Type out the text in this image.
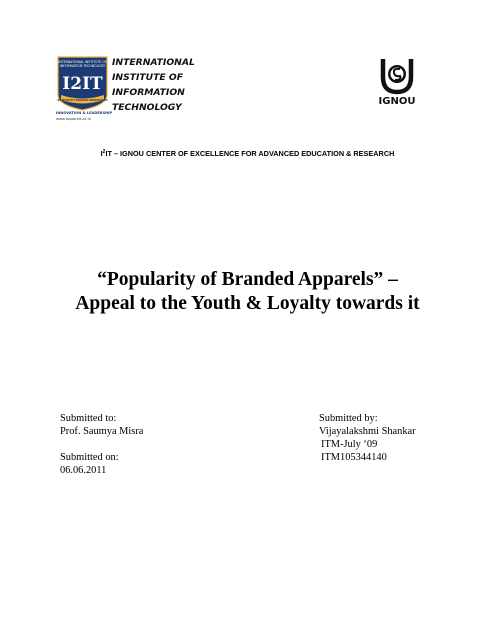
INTERNATIONAL INSTITUTE OF
INFORMATION TECHNOLOGY
I2IT
RESEARCH THROUGH INNOVATION
INNOVATION & LEADERSHIP
www.isquareit.ac.in
INTERNATIONAL
INSTITUTE OF
INFORMATION
TECHNOLOGY
IGNOU
$I^2IT$ – IGNOU CENTER OF EXCELLENCE FOR ADVANCED EDUCATION & RESEARCH
“Popularity of Branded Apparels” –
Appeal to the Youth & Loyalty towards it
Submitted to:
Prof. Saumya Misra
Submitted on:
06.06.2011
Submitted by:
Vijayalakshmi Shankar
ITM-July ‘09
ITM105344140
